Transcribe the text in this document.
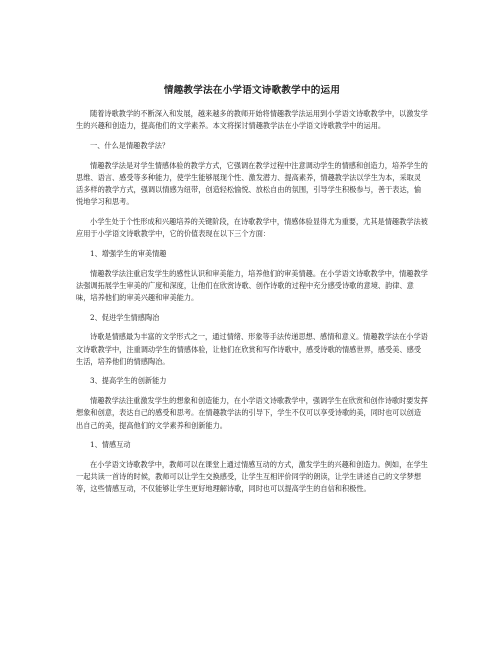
情趣教学法在小学语文诗歌教学中的运用

随着诗歌教学的不断深入和发展，越来越多的教师开始将情趣教学法运用到小学语文诗歌教学中，以激发学生的兴趣和创造力，提高他们的文学素养。本文将探讨情趣教学法在小学语文诗歌教学中的运用。

一、什么是情趣教学法？

情趣教学法是对学生情感体验的教学方式，它强调在教学过程中注意调动学生的情感和创造力，培养学生的思维、语言、感受等多种能力，使学生能够展现个性、激发潜力、提高素养，情趣教学法以学生为本，采取灵活多样的教学方式，强调以情感为纽带，创造轻松愉悦、放松自由的氛围，引导学生积极参与，善于表达，愉悦地学习和思考。

小学生处于个性形成和兴趣培养的关键阶段，在诗歌教学中，情感体验显得尤为重要，尤其是情趣教学法被应用于小学语文诗歌教学中，它的价值表现在以下三个方面：

1、增强学生的审美情趣

情趣教学法注重启发学生的感性认识和审美能力，培养他们的审美情趣。在小学语文诗歌教学中，情趣教学法强调拓展学生审美的广度和深度，让他们在欣赏诗歌、创作诗歌的过程中充分感受诗歌的意境、韵律、意味，培养他们的审美兴趣和审美能力。

2、促进学生情感陶冶

诗歌是情感最为丰富的文学形式之一，通过情绪、形象等手法传递思想、感情和意义。情趣教学法在小学语文诗歌教学中，注重调动学生的情感体验，让他们在欣赏和写作诗歌中，感受诗歌的情感世界，感受美、感受生活，培养他们的情感陶冶。

3、提高学生的创新能力

情趣教学法注重激发学生的想象和创造能力，在小学语文诗歌教学中，强调学生在欣赏和创作诗歌时要发挥想象和创意，表达自己的感受和思考。在情趣教学法的引导下，学生不仅可以享受诗歌的美，同时也可以创造出自己的美，提高他们的文学素养和创新能力。

1、情感互动

在小学语文诗歌教学中，教师可以在课堂上通过情感互动的方式，激发学生的兴趣和创造力。例如，在学生一起共读一首诗的时候，教师可以让学生交换感受，让学生互相评价同学的朗读，让学生讲述自己的文学梦想等，这些情感互动，不仅能够让学生更好地理解诗歌，同时也可以提高学生的自信和积极性。
